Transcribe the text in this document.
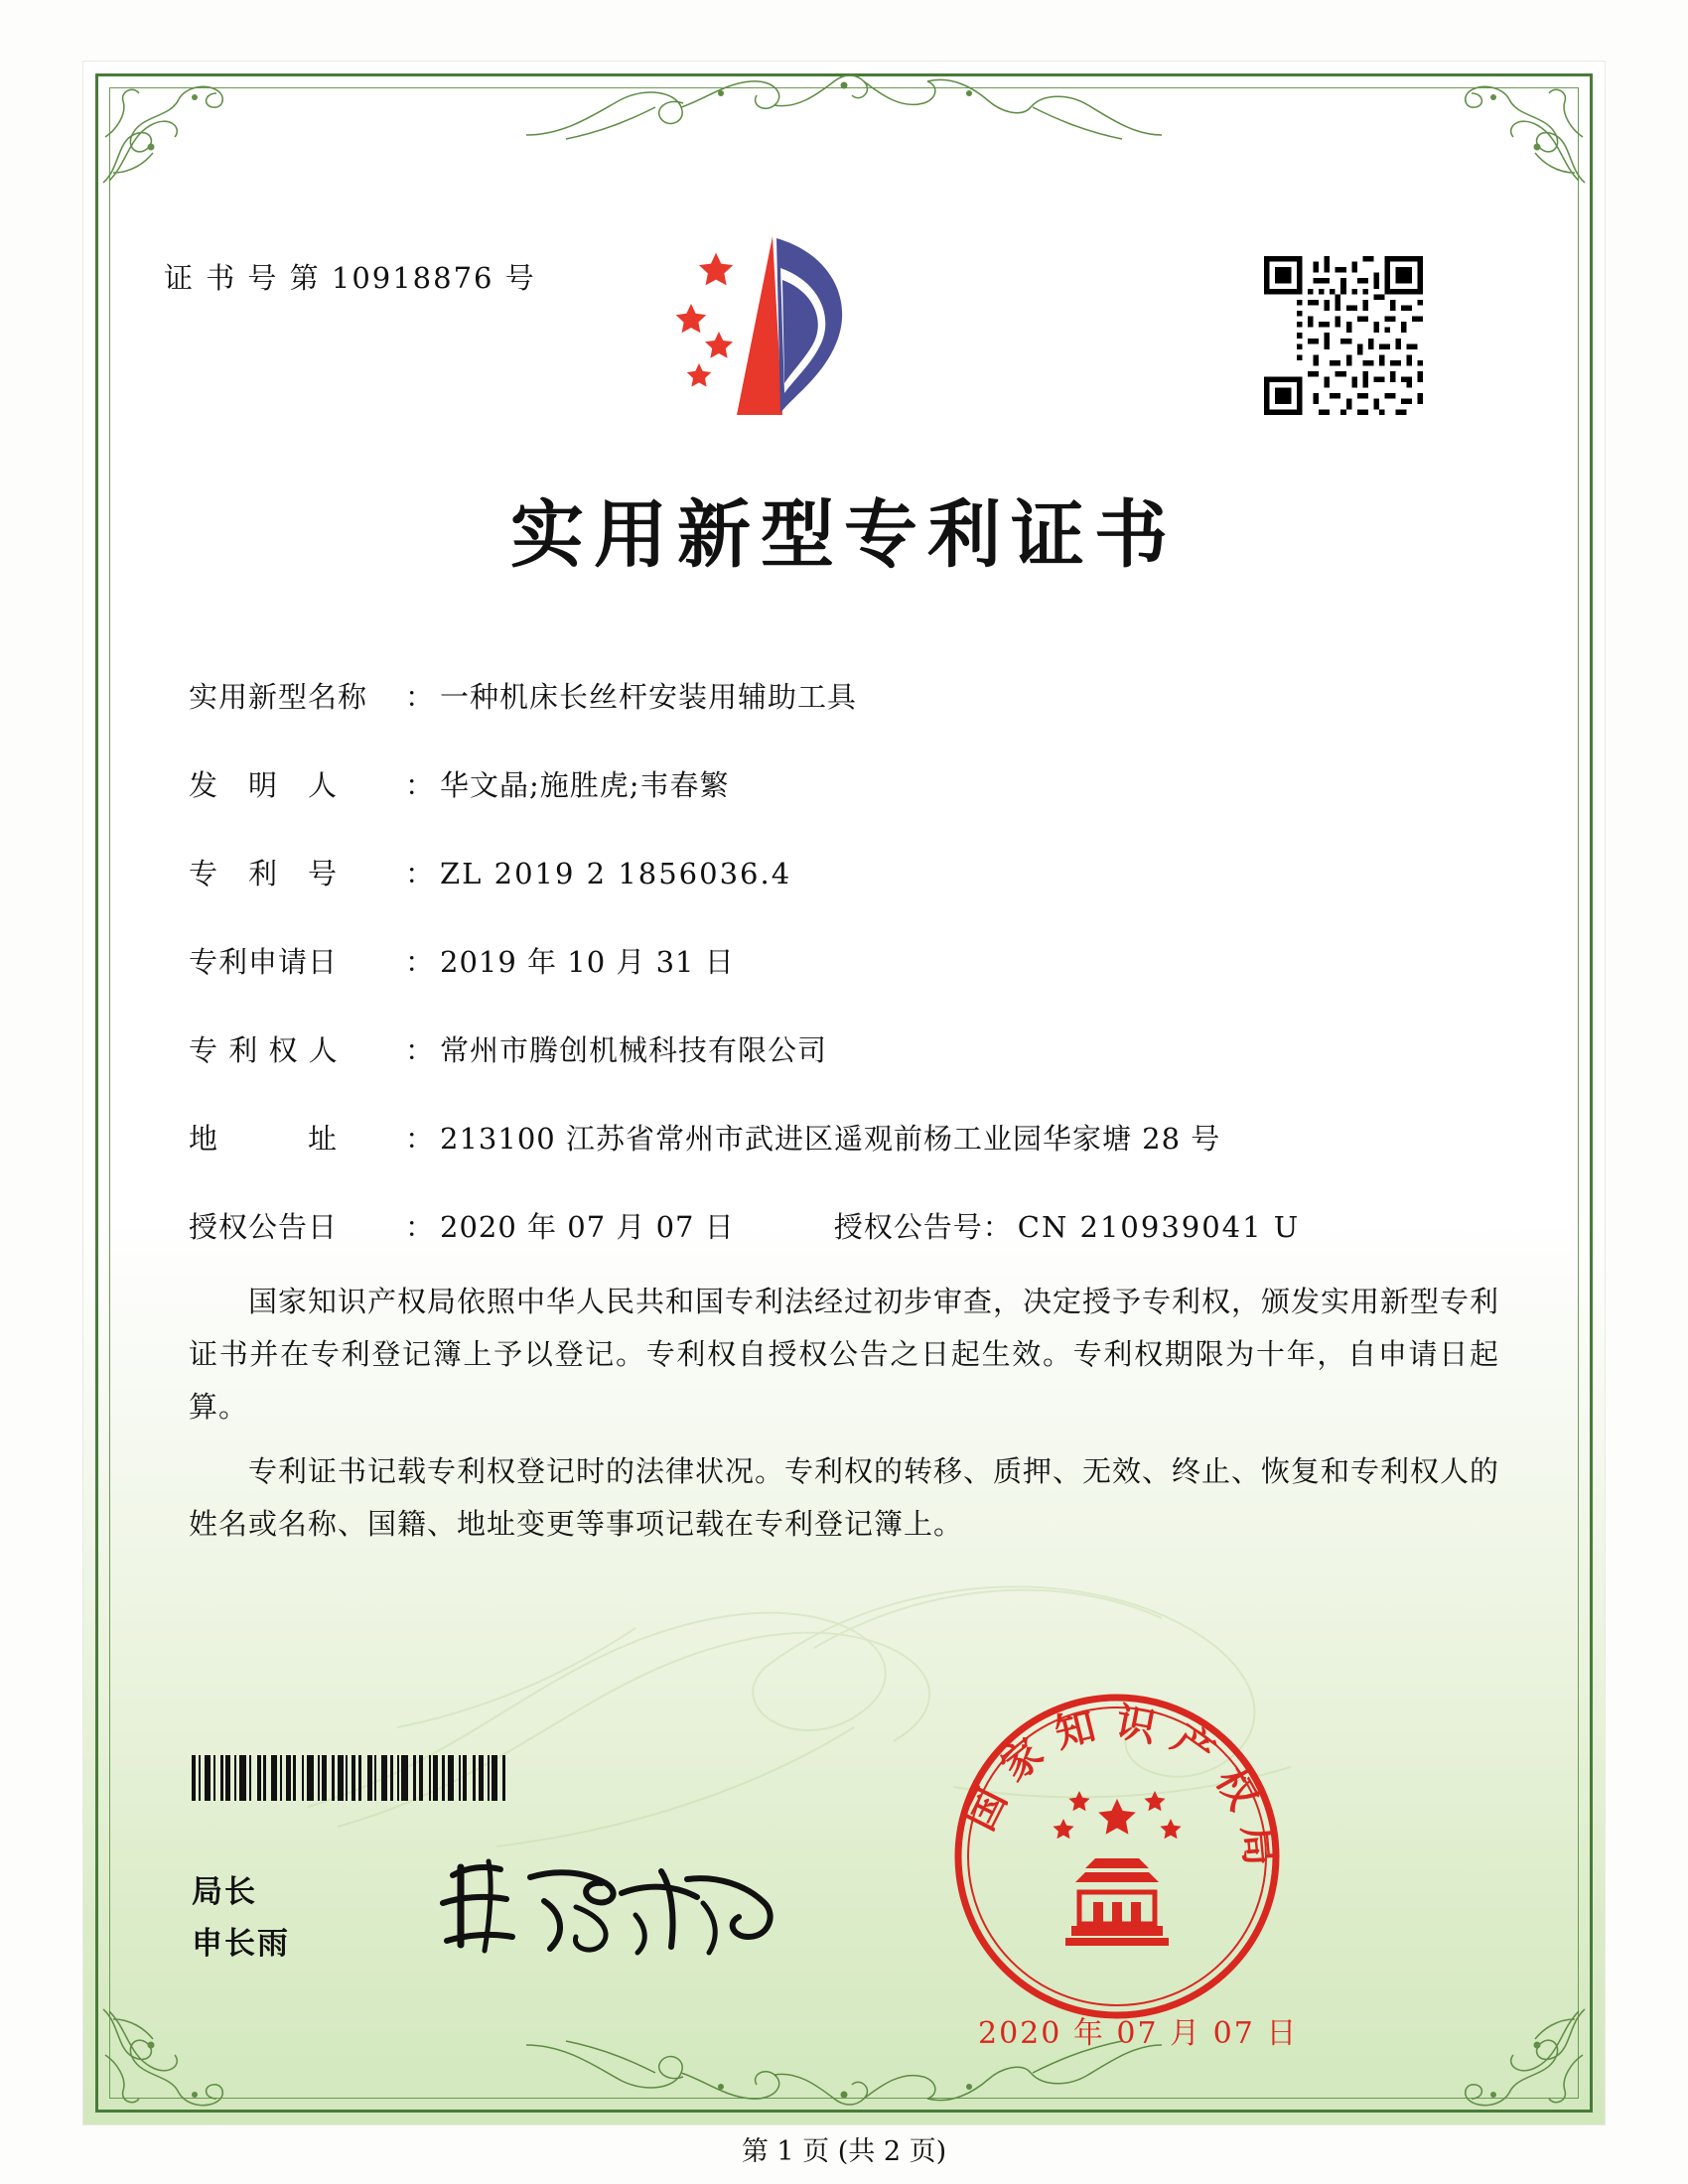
证 书 号 第 10918876 号
实用新型专利证书
实用新型名称	： 一种机床长丝杆安装用辅助工具
发　明　人	： 华文晶;施胜虎;韦春繁
专　利　号	： ZL 2019 2 1856036.4
专利申请日	： 2019 年 10 月 31 日
专 利 权 人	： 常州市腾创机械科技有限公司
地　　　址	： 213100 江苏省常州市武进区遥观前杨工业园华家塘 28 号
授权公告日	： 2020 年 07 月 07 日	授权公告号 ： CN 210939041 U

国家知识产权局依照中华人民共和国专利法经过初步审查，决定授予专利权，颁发实用新型专利证书并在专利登记簿上予以登记。专利权自授权公告之日起生效。专利权期限为十年，自申请日起算。

专利证书记载专利权登记时的法律状况。专利权的转移、质押、无效、终止、恢复和专利权人的姓名或名称、国籍、地址变更等事项记载在专利登记簿上。

局长
申长雨
国家知识产权局
2020 年 07 月 07 日
第 1 页 (共 2 页)
